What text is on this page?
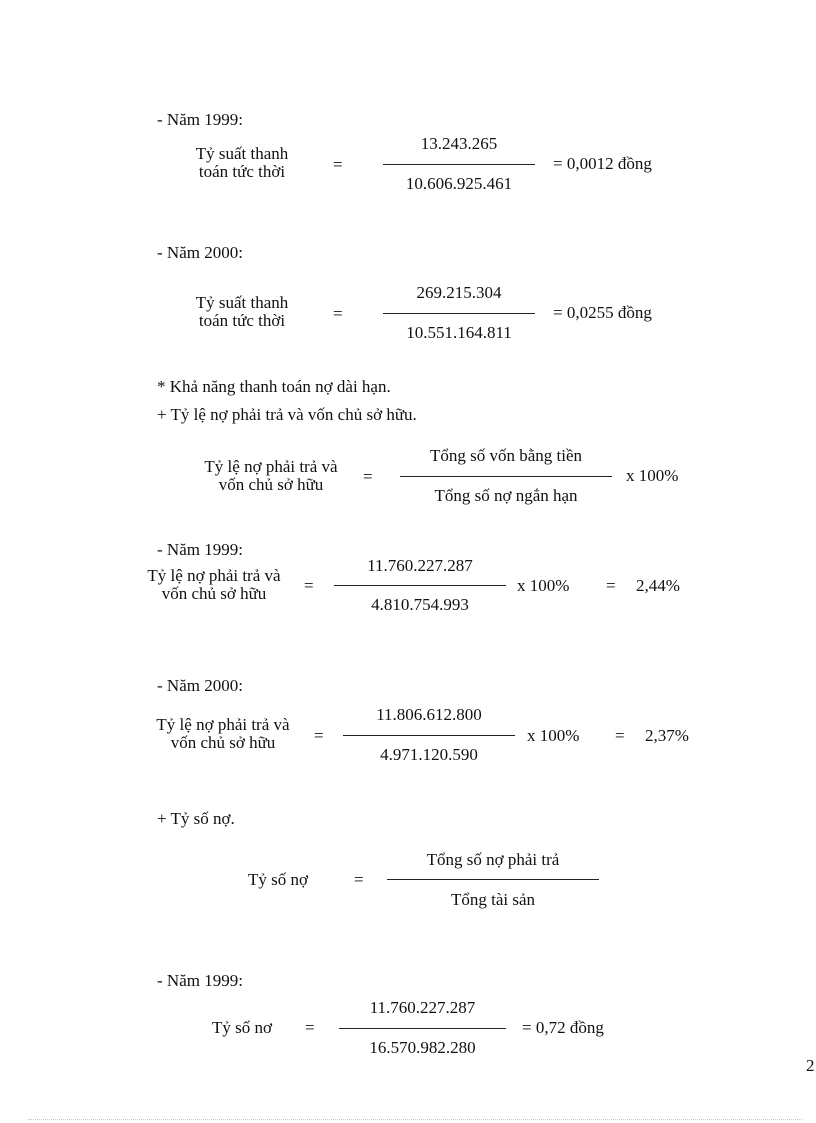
- Năm 1999:
Tỷ suất thanh
toán tức thời	=
13.243.265
10.606.925.461
= 0,0012 đồng
- Năm 2000:
Tỷ suất thanh
toán tức thời	=
269.215.304
10.551.164.811
= 0,0255 đồng
* Khả năng thanh toán nợ dài hạn.
+ Tỷ lệ nợ phải trả và vốn chủ sở hữu.
Tỷ lệ nợ phải trả và
vốn chủ sở hữu	=
Tổng số vốn bằng tiền
Tổng số nợ ngắn hạn
x 100%
- Năm 1999:
Tỷ lệ nợ phải trả và
vốn chủ sở hữu	=
11.760.227.287
4.810.754.993
x 100% = 2,44%
- Năm 2000:
Tỷ lệ nợ phải trả và
vốn chủ sở hữu	=
11.806.612.800
4.971.120.590
x 100% = 2,37%
+ Tỷ số nợ.
Tỷ số nợ	=
Tổng số nợ phải trả
Tổng tài sản
- Năm 1999:
Tỷ số nơ =
11.760.227.287
16.570.982.280
= 0,72 đồng
2
